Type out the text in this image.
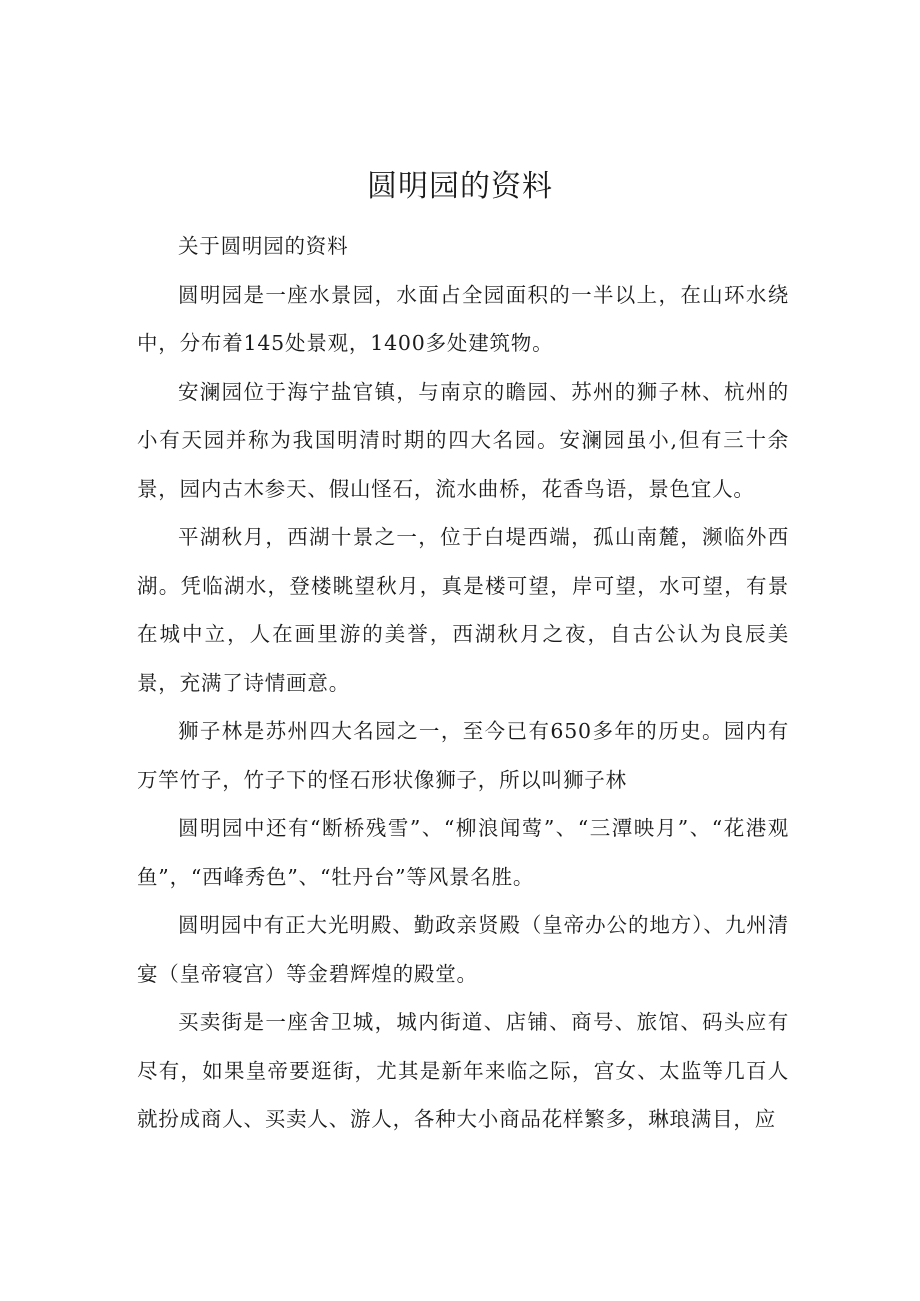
圆明园的资料

关于圆明园的资料

圆明园是一座水景园，水面占全园面积的一半以上，在山环水绕中，分布着145处景观，1400多处建筑物。

安澜园位于海宁盐官镇，与南京的瞻园、苏州的狮子林、杭州的小有天园并称为我国明清时期的四大名园。安澜园虽小,但有三十余景，园内古木参天、假山怪石，流水曲桥，花香鸟语，景色宜人。

平湖秋月，西湖十景之一，位于白堤西端，孤山南麓，濒临外西湖。凭临湖水，登楼眺望秋月，真是楼可望，岸可望，水可望，有景在城中立，人在画里游的美誉，西湖秋月之夜，自古公认为良辰美景，充满了诗情画意。

狮子林是苏州四大名园之一，至今已有650多年的历史。园内有万竿竹子，竹子下的怪石形状像狮子，所以叫狮子林

圆明园中还有“断桥残雪”、“柳浪闻莺”、“三潭映月”、“花港观鱼”，“西峰秀色”、“牡丹台”等风景名胜。

圆明园中有正大光明殿、勤政亲贤殿（皇帝办公的地方）、九州清宴（皇帝寝宫）等金碧辉煌的殿堂。

买卖街是一座舍卫城，城内街道、店铺、商号、旅馆、码头应有尽有，如果皇帝要逛街，尤其是新年来临之际，宫女、太监等几百人就扮成商人、买卖人、游人，各种大小商品花样繁多，琳琅满目，应
